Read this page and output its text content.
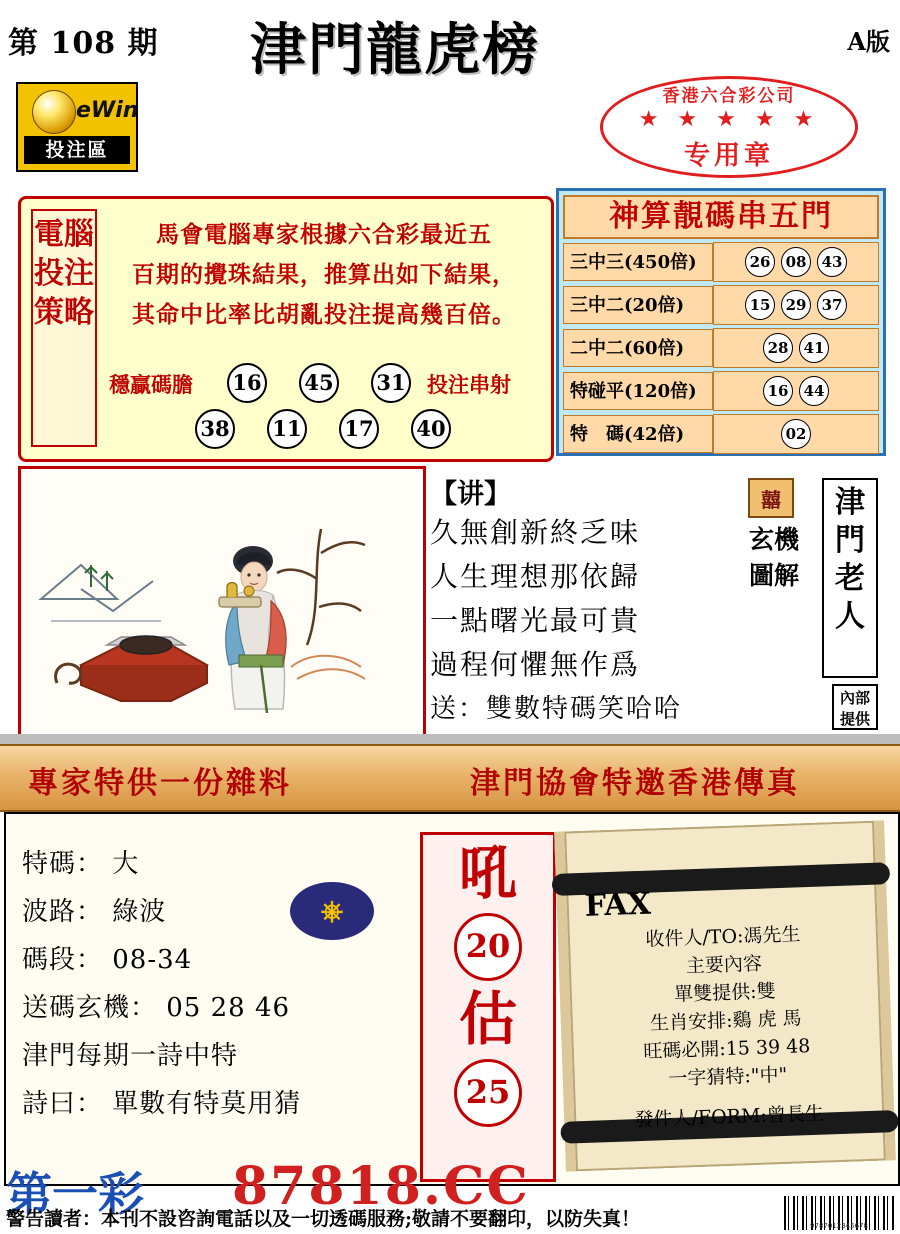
第 108 期 津門龍虎榜	A版
eWin
投注區
香港六合彩公司
★ ★ ★ ★ ★
专用章
電腦投注策略
馬會電腦專家根據六合彩最近五
百期的攪珠結果，推算出如下結果，
其命中比率比胡亂投注提高幾百倍。
穩贏碼膽 16 45 31 投注串射
38 11 17 40
神算靚碼串五門
三中三(450倍)	26	08	43
三中二(20倍)	15	29	37
二中二(60倍)	28	41
特碰平(120倍)	16	44
特　碼(42倍)	02
【讲】
久無創新終乏味
人生理想那依歸
一點曙光最可貴
過程何懼無作爲
送：雙數特碼笑哈哈
囍
玄機圖解
津門老人
內部提供
專家特供一份雜料	津門協會特邀香港傳真
特碼： 大
波路： 綠波
碼段： 08-34
送碼玄機： 05 28 46
津門每期一詩中特
詩曰： 單數有特莫用猜
⎈
吼
20
估
25
FAX
收件人/TO:馮先生
主要內容
單雙提供:雙
生肖安排:鷄 虎 馬
旺碼必開:15 39 48
一字猜特:"中"
發件人/FORM:曾長生
第一彩 87818.CC
警告讀者：本刊不設咨詢電話以及一切透碼服務;敬請不要翻印，以防失真！	9787012345678
